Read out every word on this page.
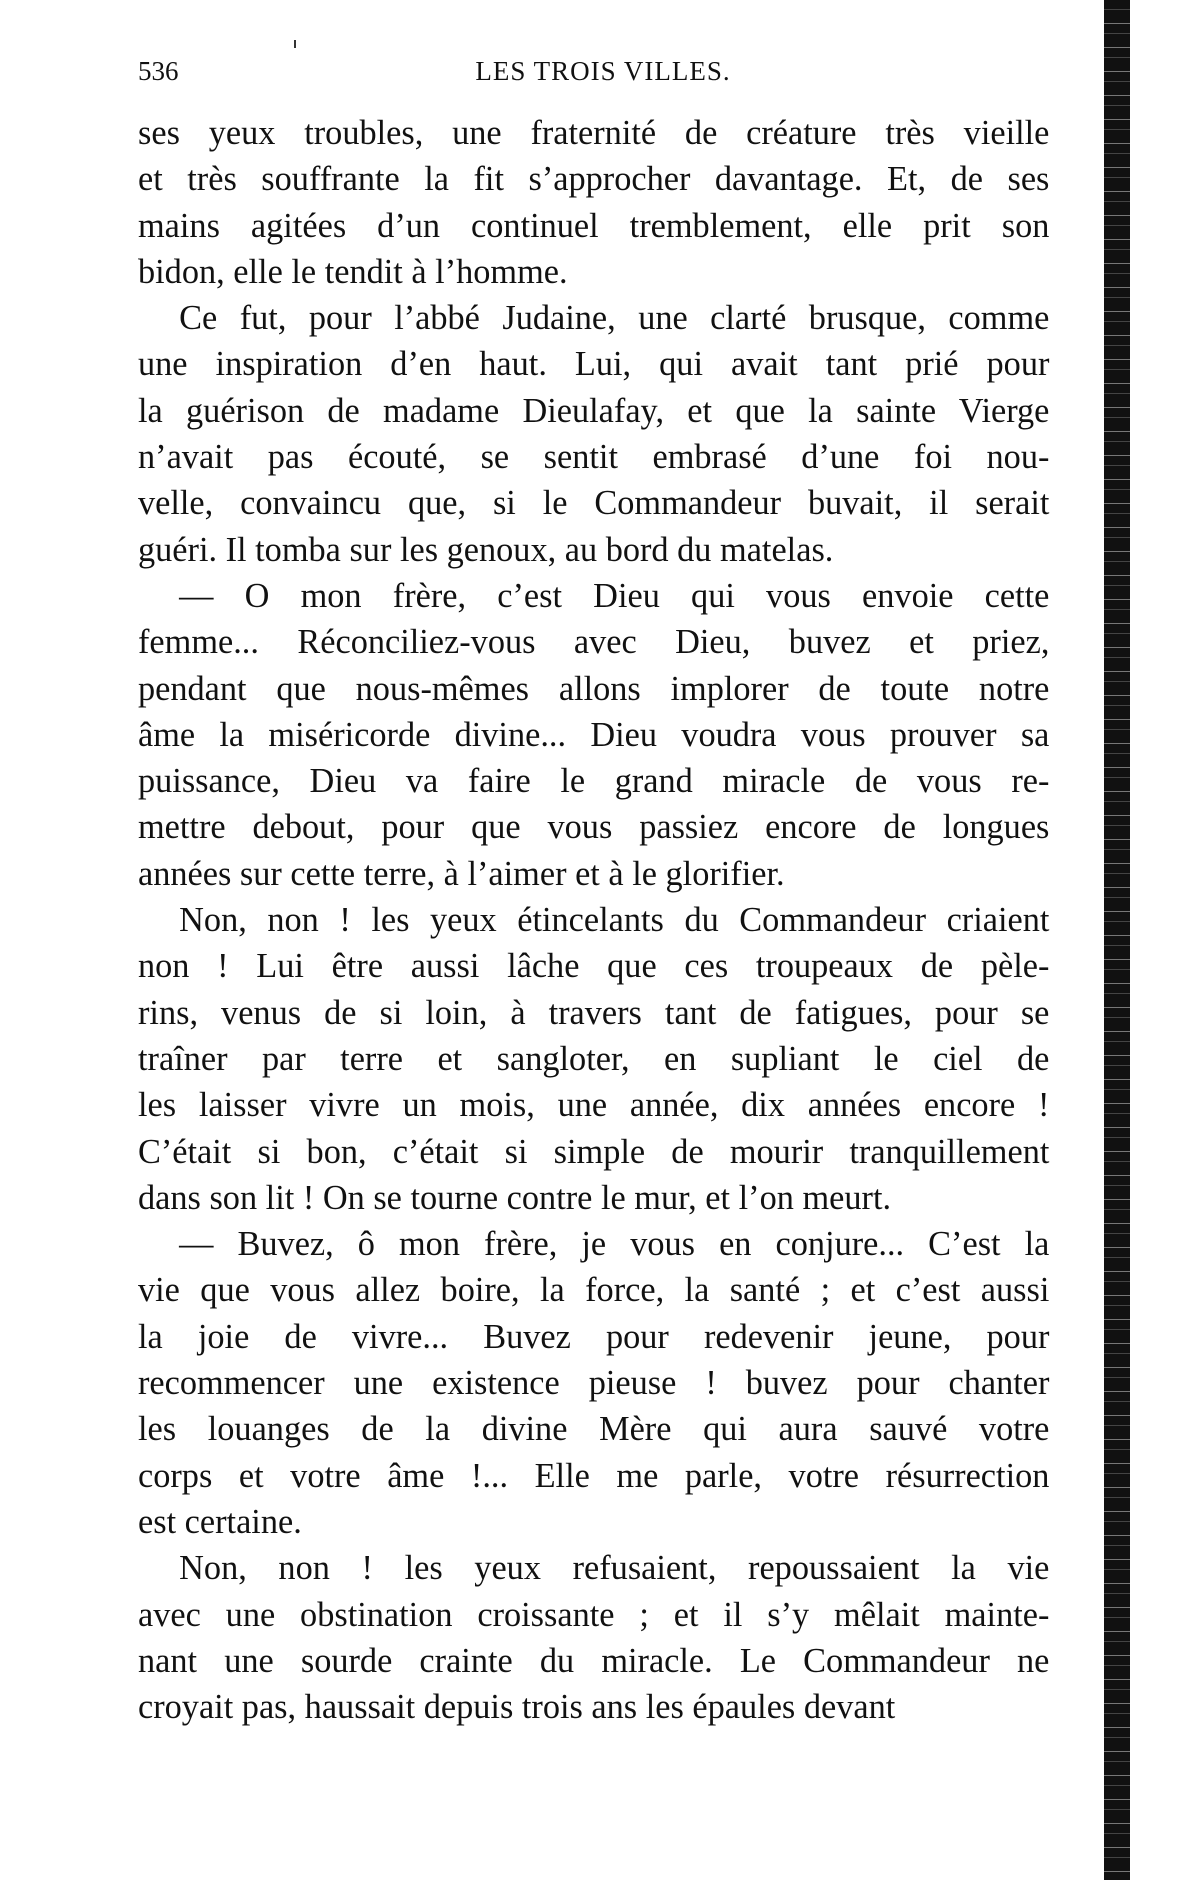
536	LES TROIS VILLES.
ses yeux troubles, une fraternité de créature très vieille
et très souffrante la fit s’approcher davantage. Et, de ses
mains agitées d’un continuel tremblement, elle prit son
bidon, elle le tendit à l’homme.
Ce fut, pour l’abbé Judaine, une clarté brusque, comme
une inspiration d’en haut. Lui, qui avait tant prié pour
la guérison de madame Dieulafay, et que la sainte Vierge
n’avait pas écouté, se sentit embrasé d’une foi nou-
velle, convaincu que, si le Commandeur buvait, il serait
guéri. Il tomba sur les genoux, au bord du matelas.
— O mon frère, c’est Dieu qui vous envoie cette
femme... Réconciliez-vous avec Dieu, buvez et priez,
pendant que nous-mêmes allons implorer de toute notre
âme la miséricorde divine... Dieu voudra vous prouver sa
puissance, Dieu va faire le grand miracle de vous re-
mettre debout, pour que vous passiez encore de longues
années sur cette terre, à l’aimer et à le glorifier.
Non, non ! les yeux étincelants du Commandeur criaient
non ! Lui être aussi lâche que ces troupeaux de pèle-
rins, venus de si loin, à travers tant de fatigues, pour se
traîner par terre et sangloter, en supliant le ciel de
les laisser vivre un mois, une année, dix années encore !
C’était si bon, c’était si simple de mourir tranquillement
dans son lit ! On se tourne contre le mur, et l’on meurt.
— Buvez, ô mon frère, je vous en conjure... C’est la
vie que vous allez boire, la force, la santé ; et c’est aussi
la joie de vivre... Buvez pour redevenir jeune, pour
recommencer une existence pieuse ! buvez pour chanter
les louanges de la divine Mère qui aura sauvé votre
corps et votre âme !... Elle me parle, votre résurrection
est certaine.
Non, non ! les yeux refusaient, repoussaient la vie
avec une obstination croissante ; et il s’y mêlait mainte-
nant une sourde crainte du miracle. Le Commandeur ne
croyait pas, haussait depuis trois ans les épaules devant
